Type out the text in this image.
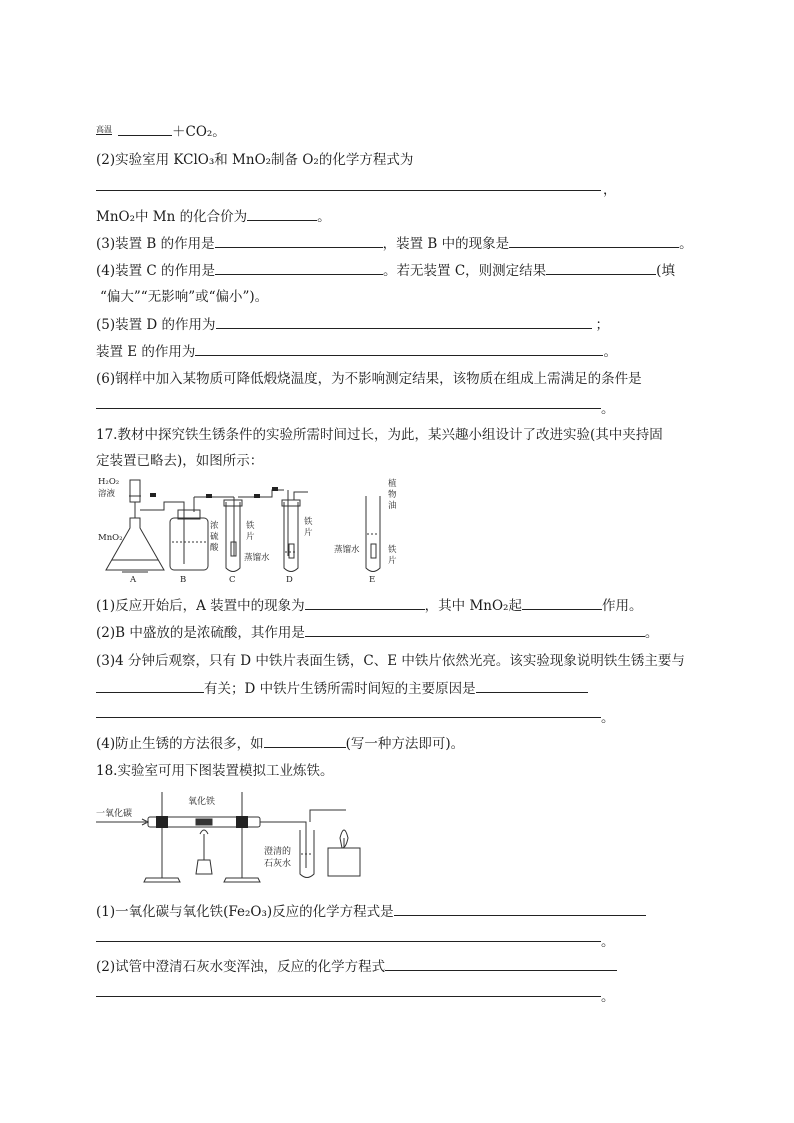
$^{高温}$	＋CO₂。
(2)实验室用 KClO₃和 MnO₂制备 O₂的化学方程式为
，
MnO₂中 Mn 的化合价为	。
(3)装置 B 的作用是	，装置 B 中的现象是	。
(4)装置 C 的作用是	。若无装置 C，则测定结果	(填
“偏大”“无影响”或“偏小”)。
(5)装置 D 的作用为	；
装置 E 的作用为	。
(6)钢样中加入某物质可降低煅烧温度，为不影响测定结果，该物质在组成上需满足的条件是
。
17.教材中探究铁生锈条件的实验所需时间过长，为此，某兴趣小组设计了改进实验(其中夹持固
定装置已略去)，如图所示：
H₂O₂
溶液
MnO₂
浓
硫
酸
铁
片
蒸馏水
铁
片
蒸馏水
植
物
油
铁
片
A	B	C	D	E
(1)反应开始后，A 装置中的现象为	，其中 MnO₂起	作用。
(2)B 中盛放的是浓硫酸，其作用是	。
(3)4 分钟后观察，只有 D 中铁片表面生锈，C、E 中铁片依然光亮。该实验现象说明铁生锈主要与
有关；D 中铁片生锈所需时间短的主要原因是
。
(4)防止生锈的方法很多，如	(写一种方法即可)。
18.实验室可用下图装置模拟工业炼铁。
一氧化碳
氧化铁
澄清的
石灰水
(1)一氧化碳与氧化铁(Fe₂O₃)反应的化学方程式是
。
(2)试管中澄清石灰水变浑浊，反应的化学方程式
。
